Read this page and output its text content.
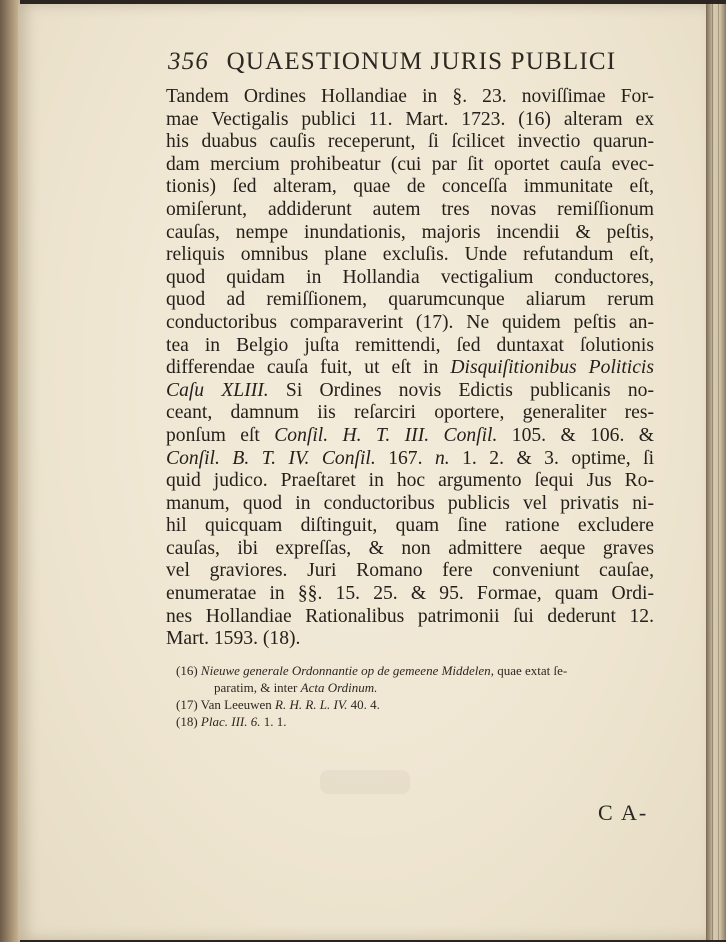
356 QUAESTIONUM JURIS PUBLICI
Tandem Ordines Hollandiae in §. 23. noviſſimae For-
mae Vectigalis publici 11. Mart. 1723. (16) alteram ex
his duabus cauſis receperunt, ſi ſcilicet invectio quarun-
dam mercium prohibeatur (cui par ſit oportet cauſa evec-
tionis) ſed alteram, quae de conceſſa immunitate eſt,
omiſerunt, addiderunt autem tres novas remiſſionum
cauſas, nempe inundationis, majoris incendii & peſtis,
reliquis omnibus plane excluſis. Unde refutandum eſt,
quod quidam in Hollandia vectigalium conductores,
quod ad remiſſionem, quarumcunque aliarum rerum
conductoribus comparaverint (17). Ne quidem peſtis an-
tea in Belgio juſta remittendi, ſed duntaxat ſolutionis
differendae cauſa fuit, ut eſt in Disquiſitionibus Politicis
Caſu XLIII. Si Ordines novis Edictis publicanis no-
ceant, damnum iis reſarciri oportere, generaliter res-
ponſum eſt Conſil. H. T. III. Conſil. 105. & 106. &
Conſil. B. T. IV. Conſil. 167. n. 1. 2. & 3. optime, ſi
quid judico. Praeſtaret in hoc argumento ſequi Jus Ro-
manum, quod in conductoribus publicis vel privatis ni-
hil quicquam diſtinguit, quam ſine ratione excludere
cauſas, ibi expreſſas, & non admittere aeque graves
vel graviores. Juri Romano fere conveniunt cauſae,
enumeratae in §§. 15. 25. & 95. Formae, quam Ordi-
nes Hollandiae Rationalibus patrimonii ſui dederunt 12.
Mart. 1593. (18).
(16) Nieuwe generale Ordonnantie op de gemeene Middelen, quae extat ſe-
paratim, & inter Acta Ordinum.
(17) Van Leeuwen R. H. R. L. IV. 40. 4.
(18) Plac. III. 6. 1. 1.
C A-
